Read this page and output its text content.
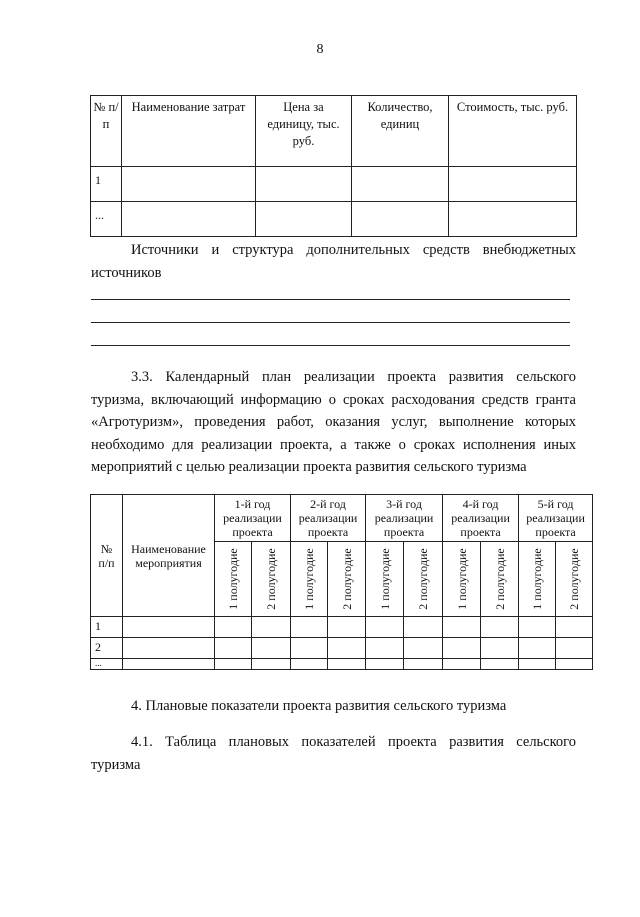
8
№ п/п	Наименование затрат	Цена за единицу, тыс. руб.	Количество, единиц	Стоимость, тыс. руб.
1				
...				
Источники и структура дополнительных средств внебюджетных источников
3.3. Календарный план реализации проекта развития сельского туризма, включающий информацию о сроках расходования средств гранта «Агротуризм», проведения работ, оказания услуг, выполнение которых необходимо для реализации проекта, а также о сроках исполнения иных мероприятий с целью реализации проекта развития сельского туризма
№ п/п	Наименование мероприятия	1-й год реализации проекта		2-й год реализации проекта		3-й год реализации проекта		4-й год реализации проекта		5-й год реализации проекта	

		1 полугодие	2 полугодие	1 полугодие	2 полугодие	1 полугодие	2 полугодие	1 полугодие	2 полугодие	1 полугодие	2 полугодие

1											
2											
...											
4. Плановые показатели проекта развития сельского туризма
4.1. Таблица плановых показателей проекта развития сельского туризма
